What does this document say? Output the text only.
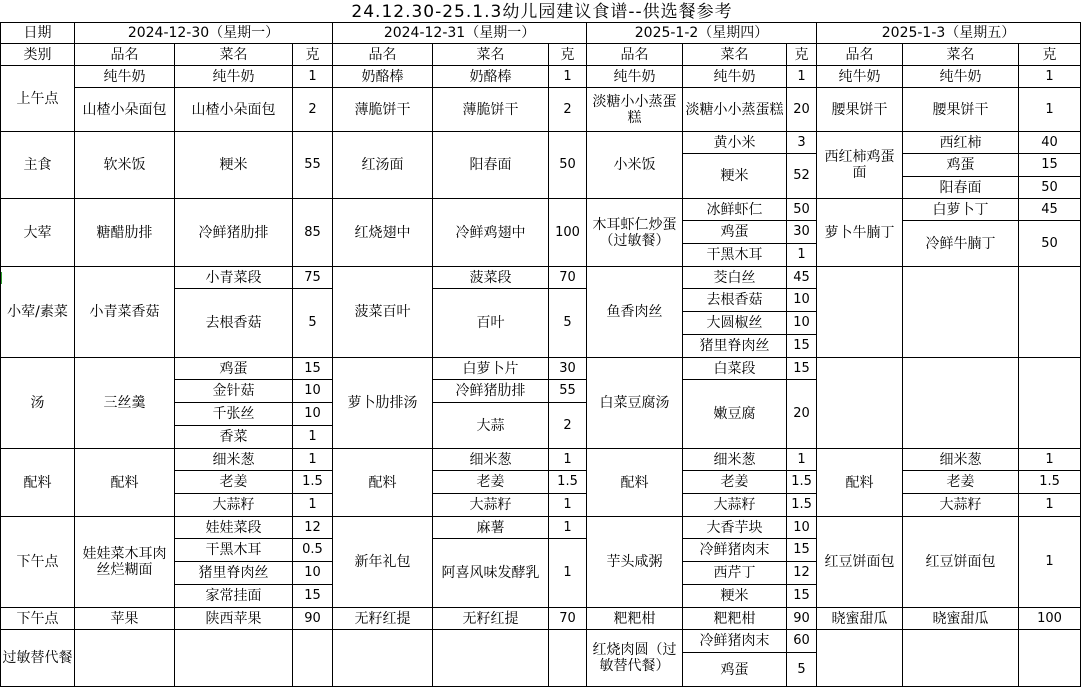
24.12.30-25.1.3幼儿园建议食谱--供选餐参考
日期	2024-12-30（星期一）			2024-12-31（星期一）			2025-1-2（星期四）			2025-1-3（星期五）		
类别	品名	菜名	克	品名	菜名	克	品名	菜名	克	品名	菜名	克
上午点	纯牛奶	纯牛奶	1	奶酪棒	奶酪棒	1	纯牛奶	纯牛奶	1	纯牛奶	纯牛奶	1
	山楂小朵面包	山楂小朵面包	2	薄脆饼干	薄脆饼干	2	淡糖小小蒸蛋糕	淡糖小小蒸蛋糕	20	腰果饼干	腰果饼干	1
主食	软米饭	粳米	55	红汤面	阳春面	50	小米饭	黄小米	3	西红柿鸡蛋面	西红柿	40
								粳米	52		鸡蛋	15
											阳春面	50
大荤	糖醋肋排	冷鲜猪肋排	85	红烧翅中	冷鲜鸡翅中	100	木耳虾仁炒蛋（过敏餐）	冰鲜虾仁	50	萝卜牛腩丁	白萝卜丁	45
								鸡蛋	30		冷鲜牛腩丁	50
								干黑木耳	1			
小荤/素菜	小青菜香菇	小青菜段	75	菠菜百叶	菠菜段	70	鱼香肉丝	茭白丝	45			
		去根香菇	5		百叶	5		去根香菇	10			
								大圆椒丝	10			
								猪里脊肉丝	15			
汤	三丝羹	鸡蛋	15	萝卜肋排汤	白萝卜片	30	白菜豆腐汤	白菜段	15			
		金针菇	10		冷鲜猪肋排	55		嫩豆腐	20			
		千张丝	10		大蒜	2						
		香菜	1									
配料	配料	细米葱	1	配料	细米葱	1	配料	细米葱	1	配料	细米葱	1
		老姜	1.5		老姜	1.5		老姜	1.5		老姜	1.5
		大蒜籽	1		大蒜籽	1		大蒜籽	1.5		大蒜籽	1
下午点	娃娃菜木耳肉丝烂糊面	娃娃菜段	12	新年礼包	麻薯	1	芋头咸粥	大香芋块	10	红豆饼面包	红豆饼面包	1
		干黑木耳	0.5		阿喜风味发酵乳	1		冷鲜猪肉末	15			
		猪里脊肉丝	10					西芹丁	12			
		家常挂面	15					粳米	15			
下午点	苹果	陕西苹果	90	无籽红提	无籽红提	70	粑粑柑	粑粑柑	90	晓蜜甜瓜	晓蜜甜瓜	100
过敏替代餐							红烧肉圆（过敏替代餐）	冷鲜猪肉末	60			
								鸡蛋	5			
